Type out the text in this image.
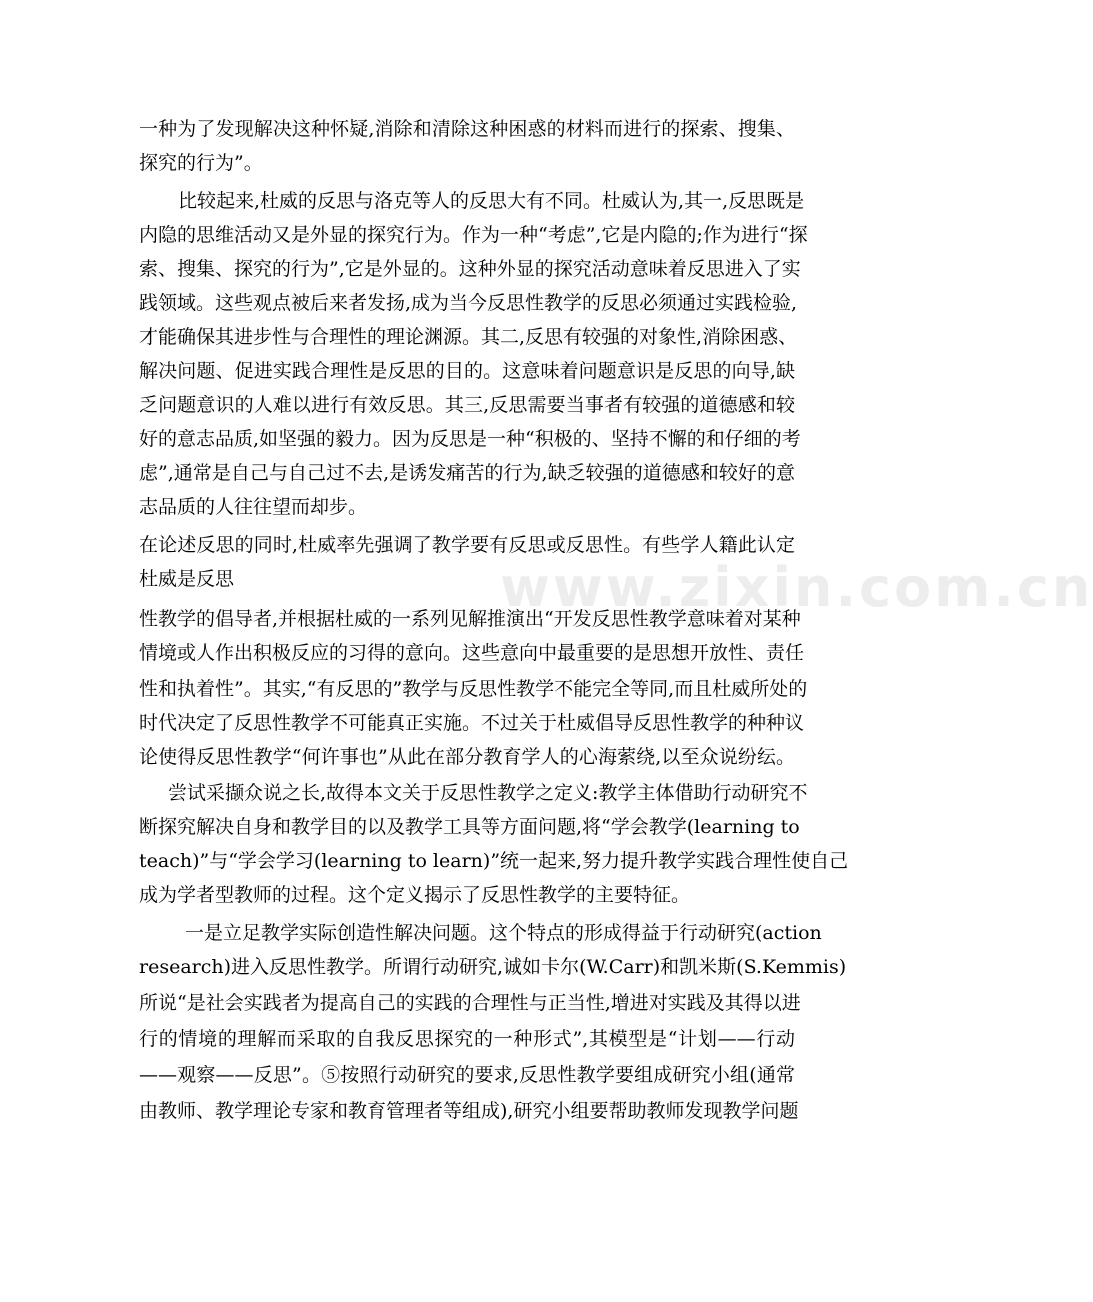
www.zixin.com.cn
一种为了发现解决这种怀疑,消除和清除这种困惑的材料而进行的探索、搜集、
探究的行为”。
比较起来,杜威的反思与洛克等人的反思大有不同。杜威认为,其一,反思既是
内隐的思维活动又是外显的探究行为。作为一种“考虑”,它是内隐的;作为进行“探
索、搜集、探究的行为”,它是外显的。这种外显的探究活动意味着反思进入了实
践领域。这些观点被后来者发扬,成为当今反思性教学的反思必须通过实践检验,
才能确保其进步性与合理性的理论渊源。其二,反思有较强的对象性,消除困惑、
解决问题、促进实践合理性是反思的目的。这意味着问题意识是反思的向导,缺
乏问题意识的人难以进行有效反思。其三,反思需要当事者有较强的道德感和较
好的意志品质,如坚强的毅力。因为反思是一种“积极的、坚持不懈的和仔细的考
虑”,通常是自己与自己过不去,是诱发痛苦的行为,缺乏较强的道德感和较好的意
志品质的人往往望而却步。
在论述反思的同时,杜威率先强调了教学要有反思或反思性。有些学人籍此认定
杜威是反思
性教学的倡导者,并根据杜威的一系列见解推演出“开发反思性教学意味着对某种
情境或人作出积极反应的习得的意向。这些意向中最重要的是思想开放性、责任
性和执着性”。其实,“有反思的”教学与反思性教学不能完全等同,而且杜威所处的
时代决定了反思性教学不可能真正实施。不过关于杜威倡导反思性教学的种种议
论使得反思性教学“何许事也”从此在部分教育学人的心海萦绕,以至众说纷纭。
尝试采撷众说之长,故得本文关于反思性教学之定义:教学主体借助行动研究不
断探究解决自身和教学目的以及教学工具等方面问题,将“学会教学(learning to
teach)”与“学会学习(learning to learn)”统一起来,努力提升教学实践合理性使自己
成为学者型教师的过程。这个定义揭示了反思性教学的主要特征。
一是立足教学实际创造性解决问题。这个特点的形成得益于行动研究(action
research)进入反思性教学。所谓行动研究,诚如卡尔(W.Carr)和凯米斯(S.Kemmis)
所说“是社会实践者为提高自己的实践的合理性与正当性,增进对实践及其得以进
行的情境的理解而采取的自我反思探究的一种形式”,其模型是“计划——行动
——观察——反思”。⑤按照行动研究的要求,反思性教学要组成研究小组(通常
由教师、教学理论专家和教育管理者等组成),研究小组要帮助教师发现教学问题
